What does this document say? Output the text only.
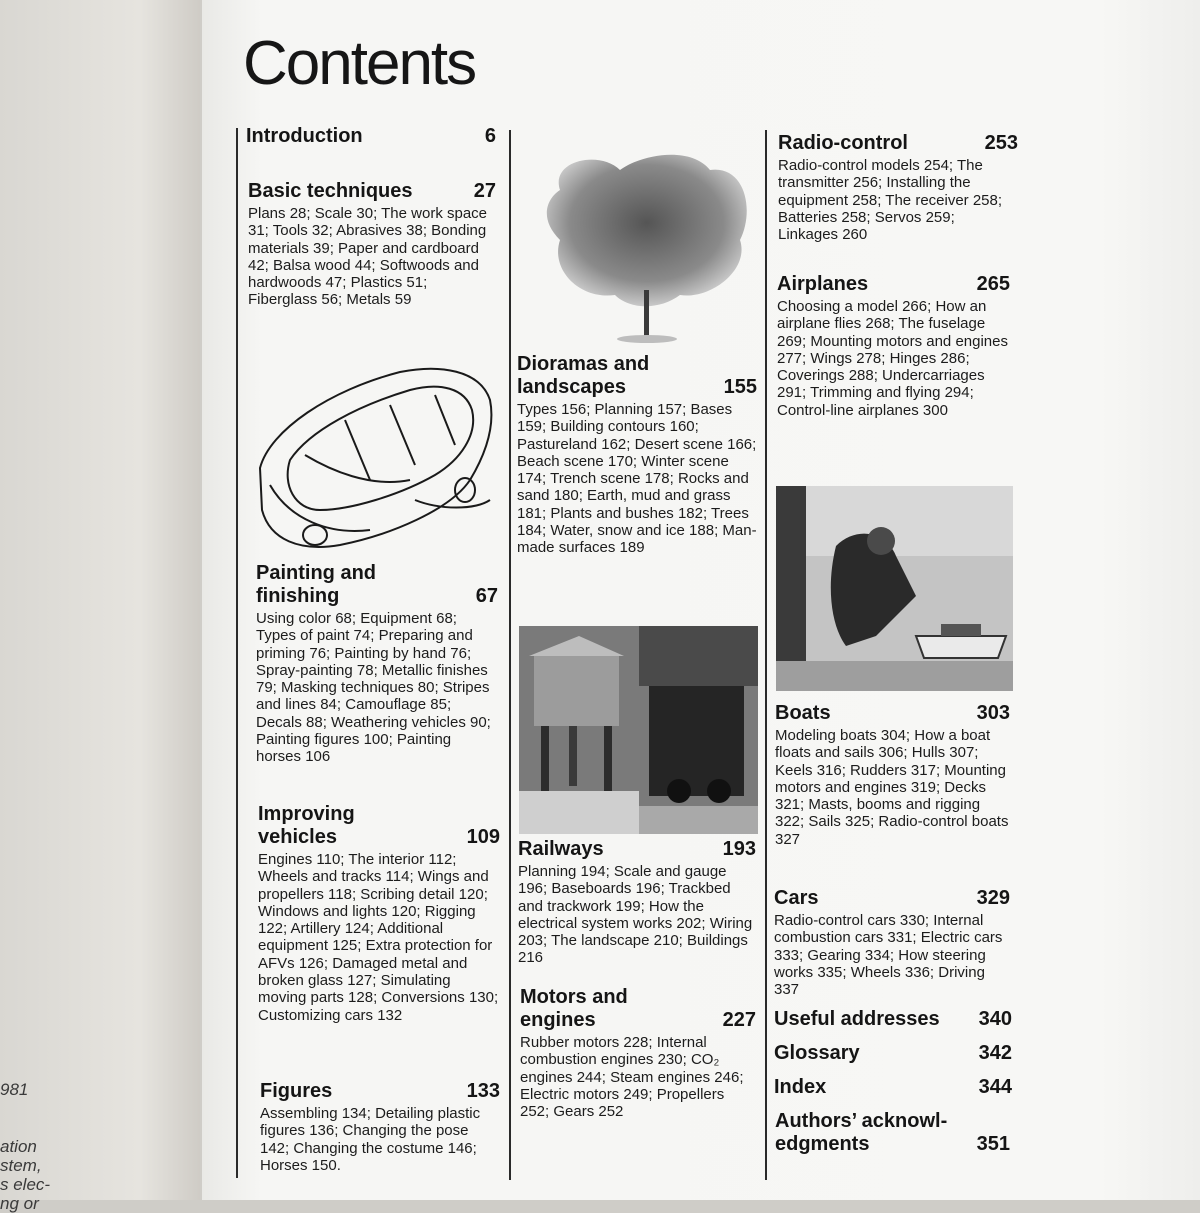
981

ation
stem,
s elec-
ng or
Contents
Introduction	6
Basic techniques	27
Plans 28; Scale 30; The work space 31; Tools 32; Abrasives 38; Bonding materials 39; Paper and cardboard 42; Balsa wood 44; Softwoods and hardwoods 47; Plastics 51; Fiberglass 56; Metals 59
Painting and
finishing	67
Using color 68; Equipment 68; Types of paint 74; Preparing and priming 76; Painting by hand 76; Spray-painting 78; Metallic finishes 79; Masking techniques 80; Stripes and lines 84; Camouflage 85; Decals 88; Weathering vehicles 90; Painting figures 100; Painting horses 106
Improving
vehicles	109
Engines 110; The interior 112; Wheels and tracks 114; Wings and propellers 118; Scribing detail 120; Windows and lights 120; Rigging 122; Artillery 124; Additional equipment 125; Extra protection for AFVs 126; Damaged metal and broken glass 127; Simulating moving parts 128; Conversions 130; Customizing cars 132
Figures	133
Assembling 134; Detailing plastic figures 136; Changing the pose 142; Changing the costume 146; Horses 150.
Dioramas and
landscapes	155
Types 156; Planning 157; Bases 159; Building contours 160; Pastureland 162; Desert scene 166; Beach scene 170; Winter scene 174; Trench scene 178; Rocks and sand 180; Earth, mud and grass 181; Plants and bushes 182; Trees 184; Water, snow and ice 188; Man-made surfaces 189
Railways	193
Planning 194; Scale and gauge 196; Baseboards 196; Trackbed and trackwork 199; How the electrical system works 202; Wiring 203; The landscape 210; Buildings 216
Motors and
engines	227
Rubber motors 228; Internal combustion engines 230; CO₂ engines 244; Steam engines 246; Electric motors 249; Propellers 252; Gears 252
Radio-control	253
Radio-control models 254; The transmitter 256; Installing the equipment 258; The receiver 258; Batteries 258; Servos 259; Linkages 260
Airplanes	265
Choosing a model 266; How an airplane flies 268; The fuselage 269; Mounting motors and engines 277; Wings 278; Hinges 286; Coverings 288; Undercarriages 291; Trimming and flying 294; Control-line airplanes 300
Boats	303
Modeling boats 304; How a boat floats and sails 306; Hulls 307; Keels 316; Rudders 317; Mounting motors and engines 319; Decks 321; Masts, booms and rigging 322; Sails 325; Radio-control boats 327
Cars	329
Radio-control cars 330; Internal combustion cars 331; Electric cars 333; Gearing 334; How steering works 335; Wheels 336; Driving 337
Useful addresses 340
Glossary	342
Index	344
Authors’ acknowl-
edgments	351
